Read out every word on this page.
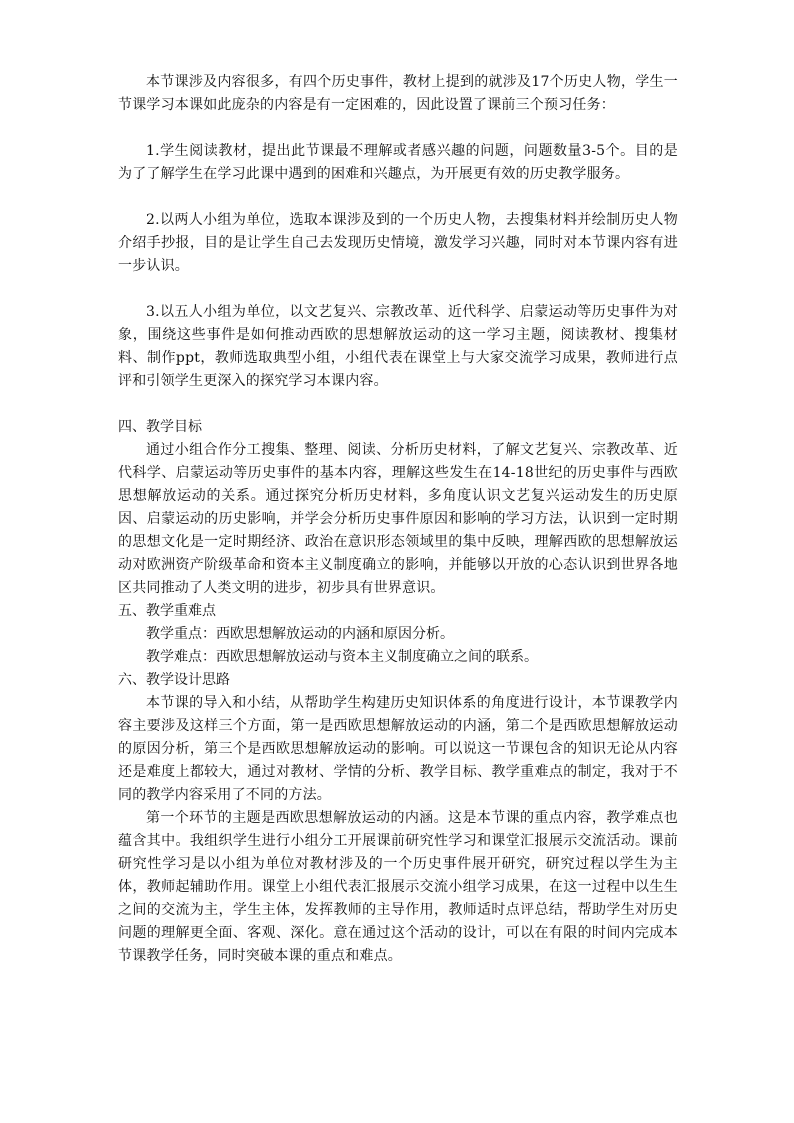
本节课涉及内容很多，有四个历史事件，教材上提到的就涉及17个历史人物，学生一节课学习本课如此庞杂的内容是有一定困难的，因此设置了课前三个预习任务：

1.学生阅读教材，提出此节课最不理解或者感兴趣的问题，问题数量3-5个。目的是为了了解学生在学习此课中遇到的困难和兴趣点，为开展更有效的历史教学服务。

2.以两人小组为单位，选取本课涉及到的一个历史人物，去搜集材料并绘制历史人物介绍手抄报，目的是让学生自己去发现历史情境，激发学习兴趣，同时对本节课内容有进一步认识。

3.以五人小组为单位，以文艺复兴、宗教改革、近代科学、启蒙运动等历史事件为对象，围绕这些事件是如何推动西欧的思想解放运动的这一学习主题，阅读教材、搜集材料、制作ppt，教师选取典型小组，小组代表在课堂上与大家交流学习成果，教师进行点评和引领学生更深入的探究学习本课内容。

四、教学目标

通过小组合作分工搜集、整理、阅读、分析历史材料，了解文艺复兴、宗教改革、近代科学、启蒙运动等历史事件的基本内容，理解这些发生在14-18世纪的历史事件与西欧思想解放运动的关系。通过探究分析历史材料，多角度认识文艺复兴运动发生的历史原因、启蒙运动的历史影响，并学会分析历史事件原因和影响的学习方法，认识到一定时期的思想文化是一定时期经济、政治在意识形态领域里的集中反映，理解西欧的思想解放运动对欧洲资产阶级革命和资本主义制度确立的影响，并能够以开放的心态认识到世界各地区共同推动了人类文明的进步，初步具有世界意识。

五、教学重难点

教学重点：西欧思想解放运动的内涵和原因分析。

教学难点：西欧思想解放运动与资本主义制度确立之间的联系。

六、教学设计思路

本节课的导入和小结，从帮助学生构建历史知识体系的角度进行设计，本节课教学内容主要涉及这样三个方面，第一是西欧思想解放运动的内涵，第二个是西欧思想解放运动的原因分析，第三个是西欧思想解放运动的影响。可以说这一节课包含的知识无论从内容还是难度上都较大，通过对教材、学情的分析、教学目标、教学重难点的制定，我对于不同的教学内容采用了不同的方法。

第一个环节的主题是西欧思想解放运动的内涵。这是本节课的重点内容，教学难点也蕴含其中。我组织学生进行小组分工开展课前研究性学习和课堂汇报展示交流活动。课前研究性学习是以小组为单位对教材涉及的一个历史事件展开研究，研究过程以学生为主体，教师起辅助作用。课堂上小组代表汇报展示交流小组学习成果，在这一过程中以生生之间的交流为主，学生主体，发挥教师的主导作用，教师适时点评总结，帮助学生对历史问题的理解更全面、客观、深化。意在通过这个活动的设计，可以在有限的时间内完成本节课教学任务，同时突破本课的重点和难点。
